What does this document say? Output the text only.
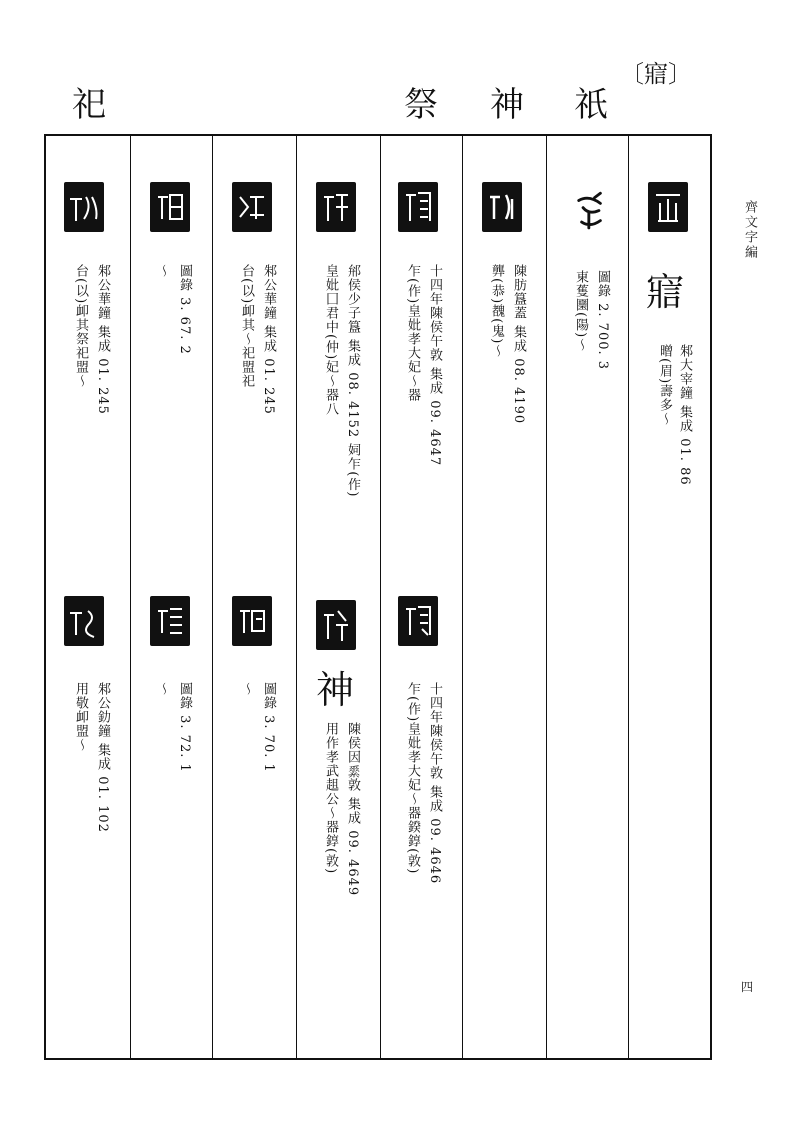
〔寣〕
祀	祭 神 祇
齊文字編
四
寣
邾大宰鐘 集成 01. 86
㬝(眉)壽多〜
圖錄 2. 700. 3
東蒦圞(陽)〜
陳肪簋蓋 集成 08. 4190
龏(恭)䰩(鬼)〜
十四年陳侯午敦 集成 09. 4647
乍(作)皇妣孝大妃〜器
十四年陳侯午敦 集成 09. 4646
乍(作)皇妣孝大妃〜器鍨錞(敦)
𨚕侯少子簋 集成 08. 4152 㚸乍(作)
皇妣囗君中(仲)妃〜器八
神
陳侯因𦃃敦 集成 09. 4649
用作孝武趄公〜器錞(敦)
邾公華鐘 集成 01. 245
台(以)卹其〜祀盟祀
圖錄 3. 70. 1
〜
圖錄 3. 67. 2
〜
圖錄 3. 72. 1
〜
邾公華鐘 集成 01. 245
台(以)卹其祭祀盟〜
邾公釛鐘 集成 01. 102
用敬卹盟〜
